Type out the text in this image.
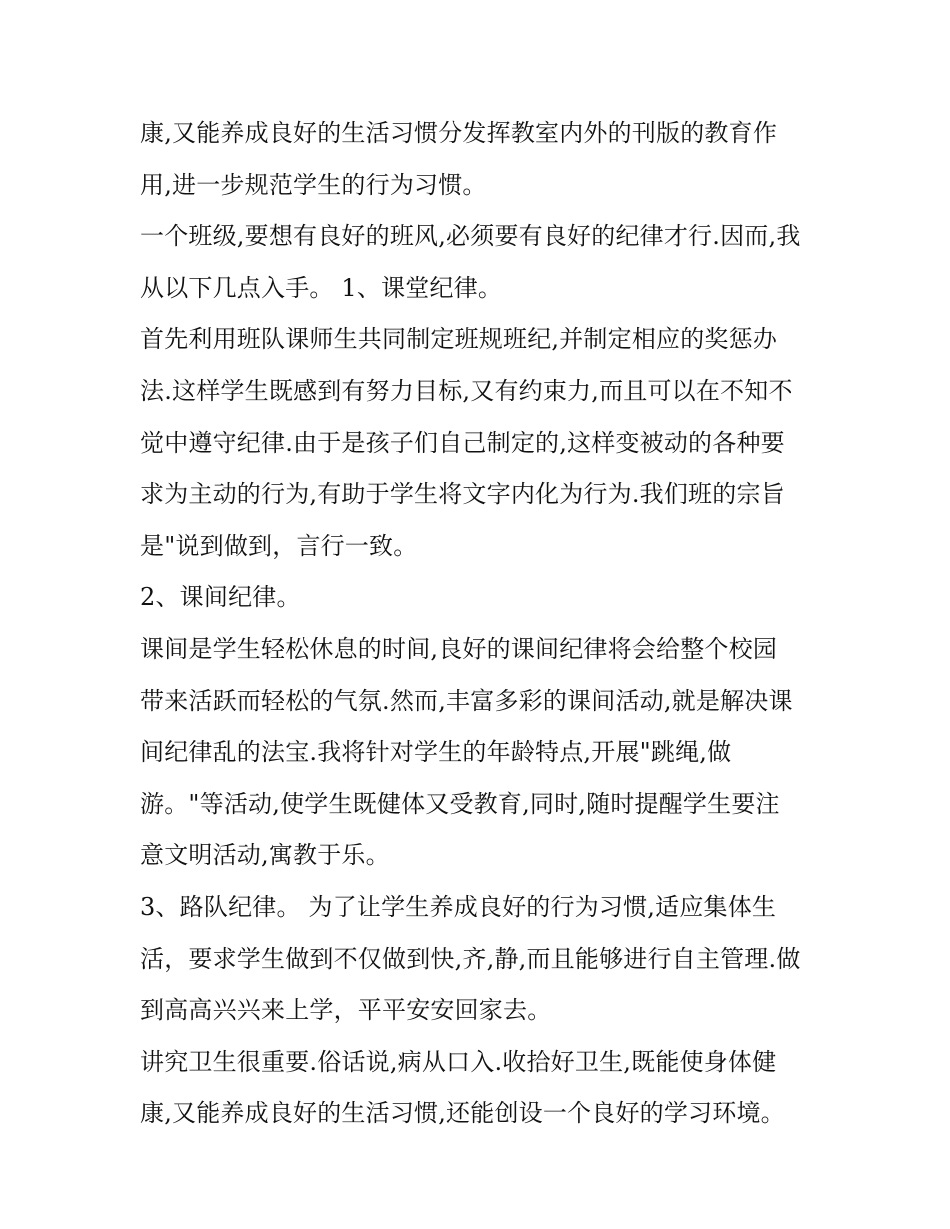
康,又能养成良好的生活习惯分发挥教室内外的刊版的教育作
用,进一步规范学生的行为习惯。
一个班级,要想有良好的班风,必须要有良好的纪律才行.因而,我
从以下几点入手。 1、课堂纪律。
首先利用班队课师生共同制定班规班纪,并制定相应的奖惩办
法.这样学生既感到有努力目标,又有约束力,而且可以在不知不
觉中遵守纪律.由于是孩子们自己制定的,这样变被动的各种要
求为主动的行为,有助于学生将文字内化为行为.我们班的宗旨
是"说到做到，言行一致。
2、课间纪律。
课间是学生轻松休息的时间,良好的课间纪律将会给整个校园
带来活跃而轻松的气氛.然而,丰富多彩的课间活动,就是解决课
间纪律乱的法宝.我将针对学生的年龄特点,开展"跳绳,做
游。"等活动,使学生既健体又受教育,同时,随时提醒学生要注
意文明活动,寓教于乐。
3、路队纪律。 为了让学生养成良好的行为习惯,适应集体生
活，要求学生做到不仅做到快,齐,静,而且能够进行自主管理.做
到高高兴兴来上学，平平安安回家去。
讲究卫生很重要.俗话说,病从口入.收拾好卫生,既能使身体健
康,又能养成良好的生活习惯,还能创设一个良好的学习环境。
